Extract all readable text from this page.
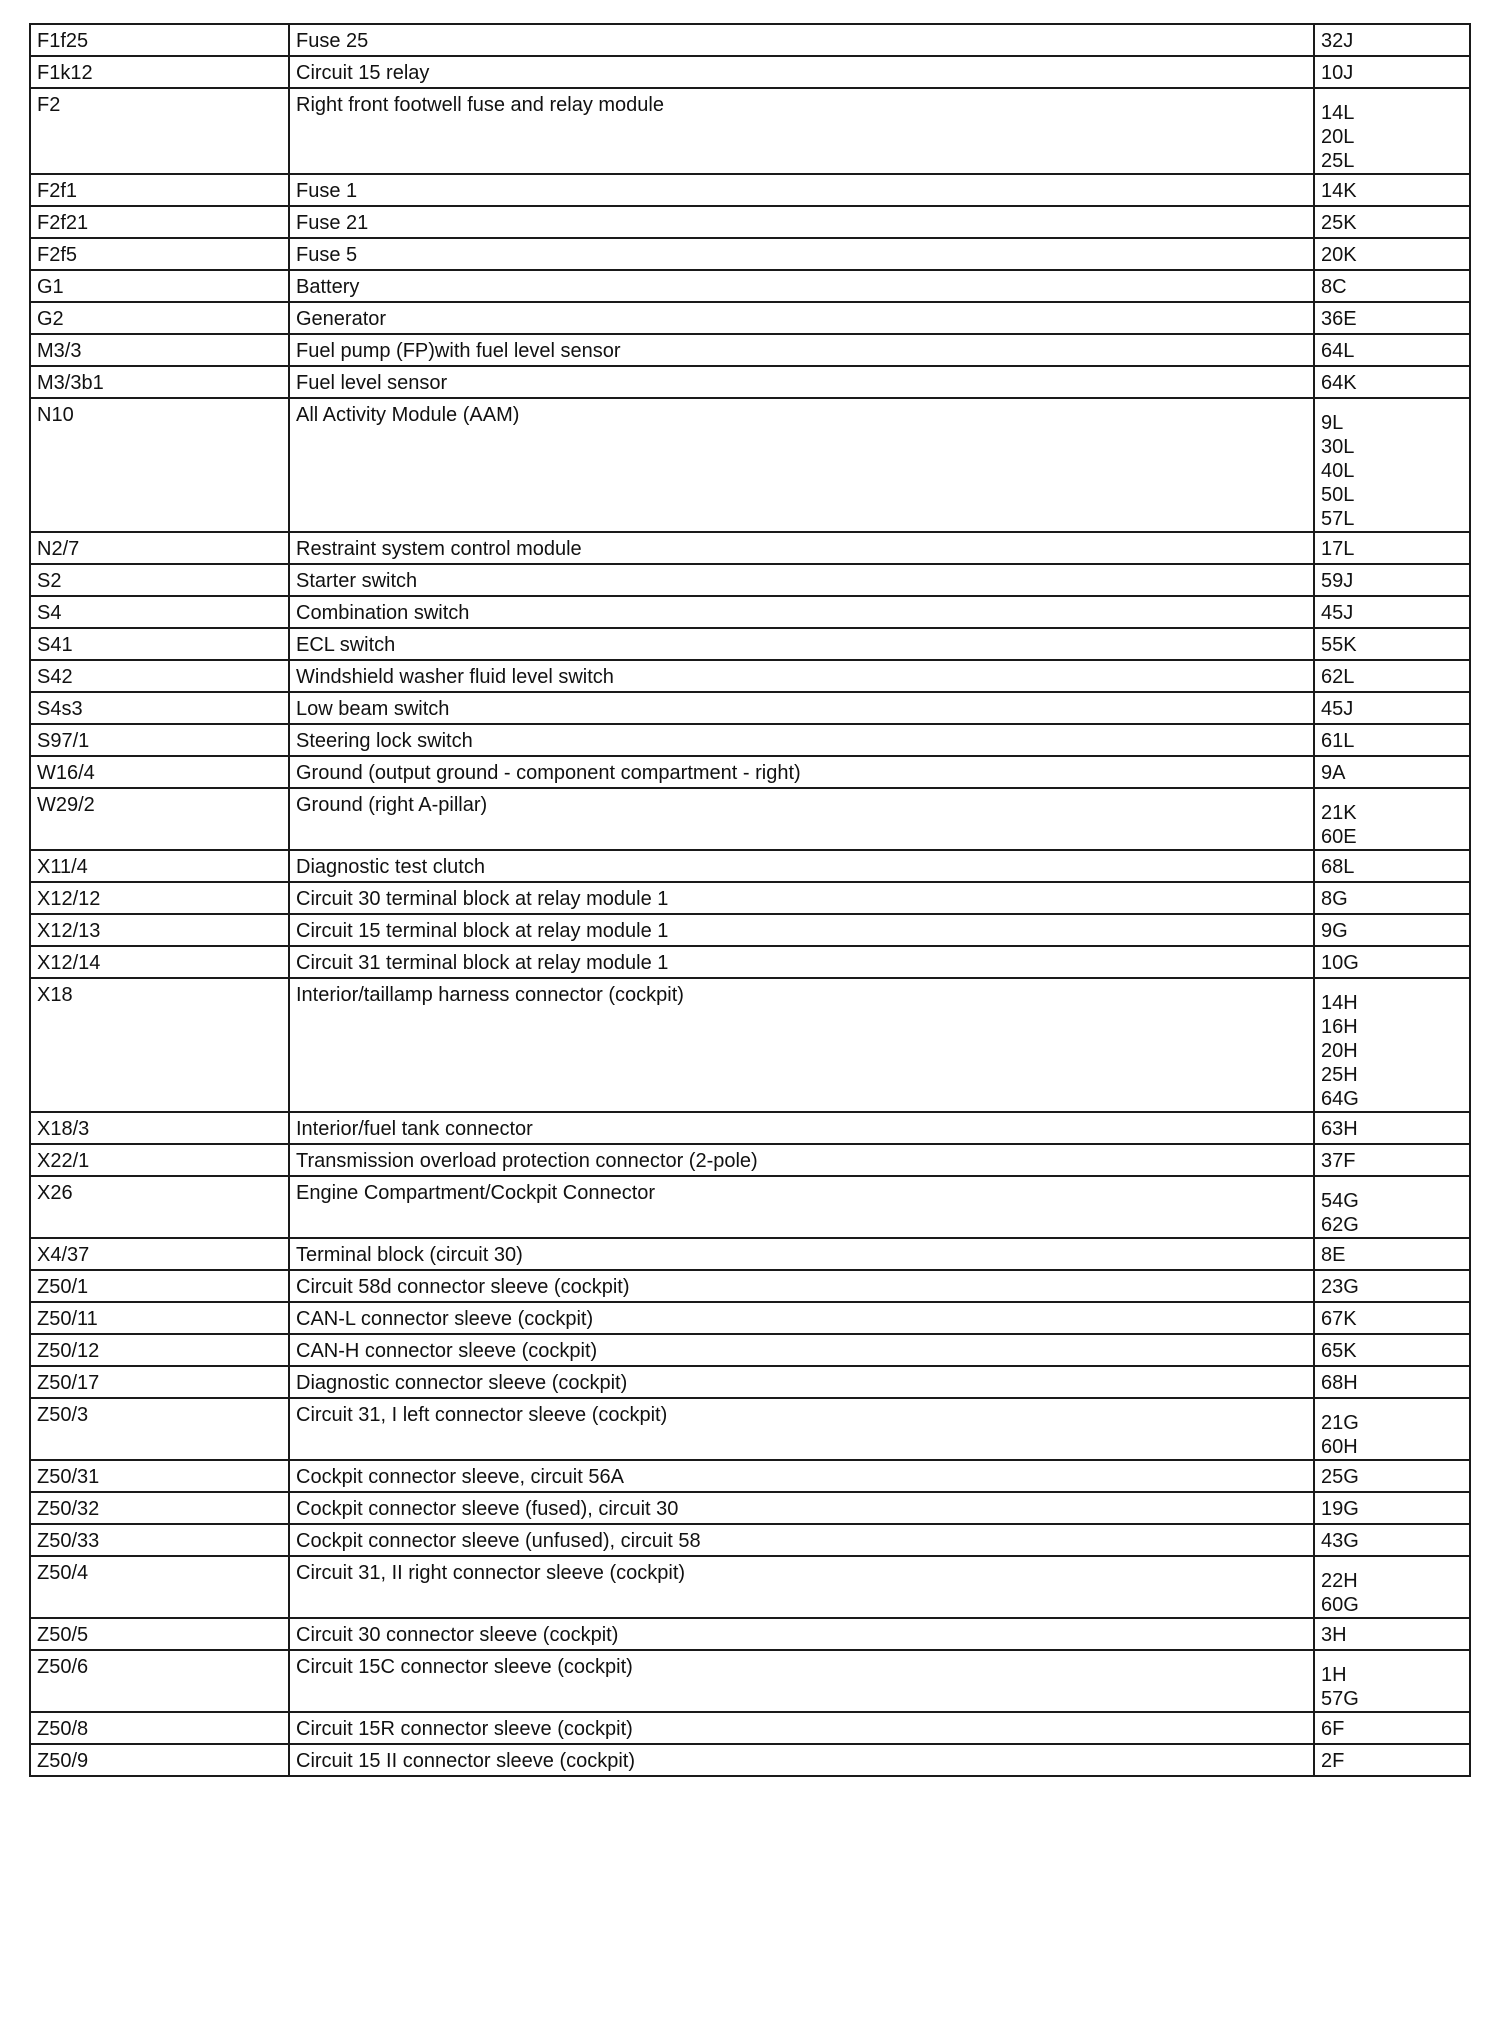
F1f25	Fuse 25	32J

F1k12	Circuit 15 relay	10J

F2	Right front footwell fuse and relay module	14L
20L
25L

F2f1	Fuse 1	14K

F2f21	Fuse 21	25K

F2f5	Fuse 5	20K

G1	Battery	8C

G2	Generator	36E

M3/3	Fuel pump (FP)with fuel level sensor	64L

M3/3b1	Fuel level sensor	64K

N10	All Activity Module (AAM)	9L
30L
40L
50L
57L

N2/7	Restraint system control module	17L

S2	Starter switch	59J

S4	Combination switch	45J

S41	ECL switch	55K

S42	Windshield washer fluid level switch	62L

S4s3	Low beam switch	45J

S97/1	Steering lock switch	61L

W16/4	Ground (output ground - component compartment - right)	9A

W29/2	Ground (right A-pillar)	21K
60E

X11/4	Diagnostic test clutch	68L

X12/12	Circuit 30 terminal block at relay module 1	8G

X12/13	Circuit 15 terminal block at relay module 1	9G

X12/14	Circuit 31 terminal block at relay module 1	10G

X18	Interior/taillamp harness connector (cockpit)	14H
16H
20H
25H
64G

X18/3	Interior/fuel tank connector	63H

X22/1	Transmission overload protection connector (2-pole)	37F

X26	Engine Compartment/Cockpit Connector	54G
62G

X4/37	Terminal block (circuit 30)	8E

Z50/1	Circuit 58d connector sleeve (cockpit)	23G

Z50/11	CAN-L connector sleeve (cockpit)	67K

Z50/12	CAN-H connector sleeve (cockpit)	65K

Z50/17	Diagnostic connector sleeve (cockpit)	68H

Z50/3	Circuit 31, I left connector sleeve (cockpit)	21G
60H

Z50/31	Cockpit connector sleeve, circuit 56A	25G

Z50/32	Cockpit connector sleeve (fused), circuit 30	19G

Z50/33	Cockpit connector sleeve (unfused), circuit 58	43G

Z50/4	Circuit 31, II right connector sleeve (cockpit)	22H
60G

Z50/5	Circuit 30 connector sleeve (cockpit)	3H

Z50/6	Circuit 15C connector sleeve (cockpit)	1H
57G

Z50/8	Circuit 15R connector sleeve (cockpit)	6F

Z50/9	Circuit 15 II connector sleeve (cockpit)	2F
